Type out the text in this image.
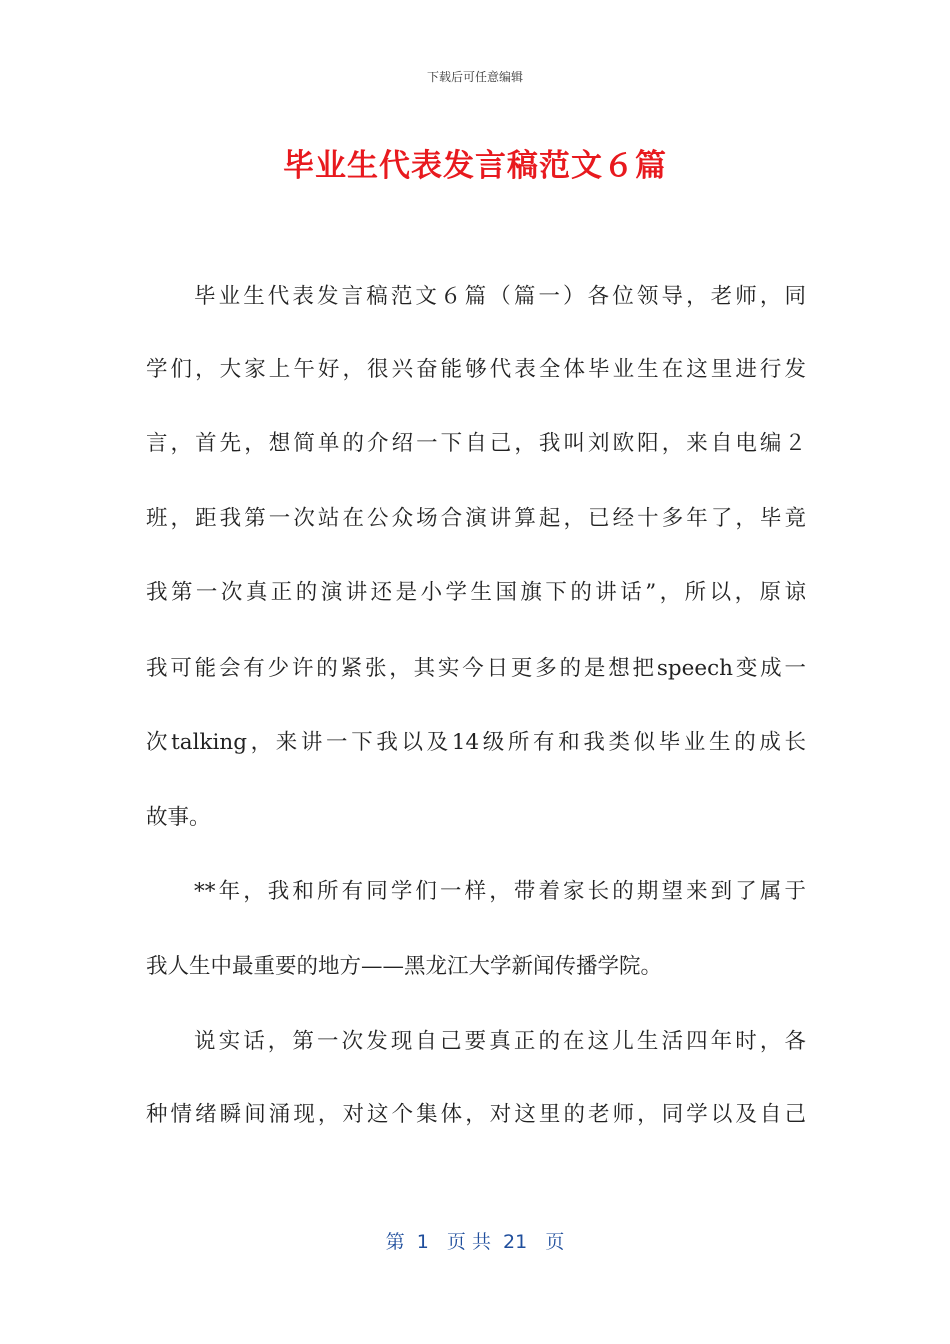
下载后可任意编辑
毕业生代表发言稿范文６篇
毕业生代表发言稿范文６篇（篇一）各位领导，老师，同
学们，大家上午好，很兴奋能够代表全体毕业生在这里进行发
言，首先，想简单的介绍一下自己，我叫刘欧阳，来自电编２
班，距我第一次站在公众场合演讲算起，已经十多年了，毕竟
我第一次真正的演讲还是小学生国旗下的讲话”，所以，原谅
我可能会有少许的紧张，其实今日更多的是想把speech变成一
次talking，来讲一下我以及14级所有和我类似毕业生的成长
故事。
**年，我和所有同学们一样，带着家长的期望来到了属于
我人生中最重要的地方——黑龙江大学新闻传播学院。
说实话，第一次发现自己要真正的在这儿生活四年时，各
种情绪瞬间涌现，对这个集体，对这里的老师，同学以及自己
第  1   页 共  21   页
